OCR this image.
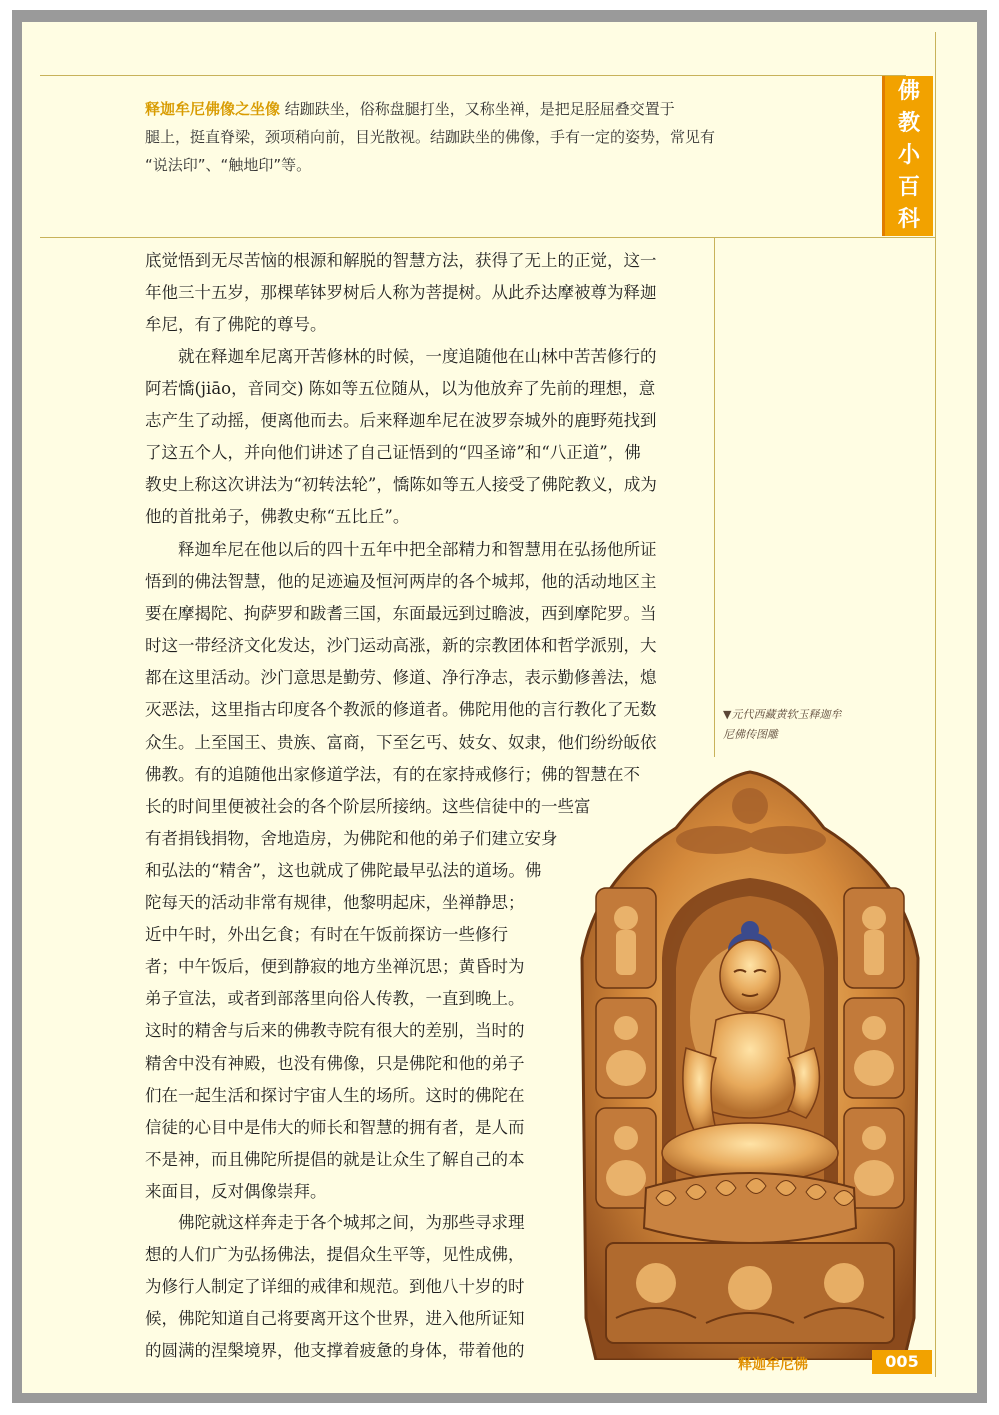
佛
教
小
百
科

释迦牟尼佛像之坐像 结跏趺坐，俗称盘腿打坐，又称坐禅，是把足胫屈叠交置于
腿上，挺直脊梁，颈项稍向前，目光散视。结跏趺坐的佛像，手有一定的姿势，常见有
“说法印”、“触地印”等。

底觉悟到无尽苦恼的根源和解脱的智慧方法，获得了无上的正觉，这一
年他三十五岁，那棵荜钵罗树后人称为菩提树。从此乔达摩被尊为释迦
牟尼，有了佛陀的尊号。

就在释迦牟尼离开苦修林的时候，一度追随他在山林中苦苦修行的
阿若憍(jiāo，音同交) 陈如等五位随从，以为他放弃了先前的理想，意
志产生了动摇，便离他而去。后来释迦牟尼在波罗奈城外的鹿野苑找到
了这五个人，并向他们讲述了自己证悟到的“四圣谛”和“八正道”，佛
教史上称这次讲法为“初转法轮”，憍陈如等五人接受了佛陀教义，成为
他的首批弟子，佛教史称“五比丘”。

释迦牟尼在他以后的四十五年中把全部精力和智慧用在弘扬他所证
悟到的佛法智慧，他的足迹遍及恒河两岸的各个城邦，他的活动地区主
要在摩揭陀、拘萨罗和跋耆三国，东面最远到过瞻波，西到摩陀罗。当
时这一带经济文化发达，沙门运动高涨，新的宗教团体和哲学派别，大
都在这里活动。沙门意思是勤劳、修道、净行净志，表示勤修善法，熄
灭恶法，这里指古印度各个教派的修道者。佛陀用他的言行教化了无数
众生。上至国王、贵族、富商，下至乞丐、妓女、奴隶，他们纷纷皈依
佛教。有的追随他出家修道学法，有的在家持戒修行；佛的智慧在不
长的时间里便被社会的各个阶层所接纳。这些信徒中的一些富
有者捐钱捐物，舍地造房，为佛陀和他的弟子们建立安身
和弘法的“精舍”，这也就成了佛陀最早弘法的道场。佛
陀每天的活动非常有规律，他黎明起床，坐禅静思；
近中午时，外出乞食；有时在午饭前探访一些修行
者；中午饭后，便到静寂的地方坐禅沉思；黄昏时为
弟子宣法，或者到部落里向俗人传教，一直到晚上。
这时的精舍与后来的佛教寺院有很大的差别，当时的
精舍中没有神殿，也没有佛像，只是佛陀和他的弟子
们在一起生活和探讨宇宙人生的场所。这时的佛陀在
信徒的心目中是伟大的师长和智慧的拥有者，是人而
不是神，而且佛陀所提倡的就是让众生了解自己的本
来面目，反对偶像崇拜。

佛陀就这样奔走于各个城邦之间，为那些寻求理
想的人们广为弘扬佛法，提倡众生平等，见性成佛，
为修行人制定了详细的戒律和规范。到他八十岁的时
候，佛陀知道自己将要离开这个世界，进入他所证知
的圆满的涅槃境界，他支撑着疲惫的身体，带着他的

▼元代西藏黄软玉释迦牟
尼佛传图雕

释迦牟尼佛	005
